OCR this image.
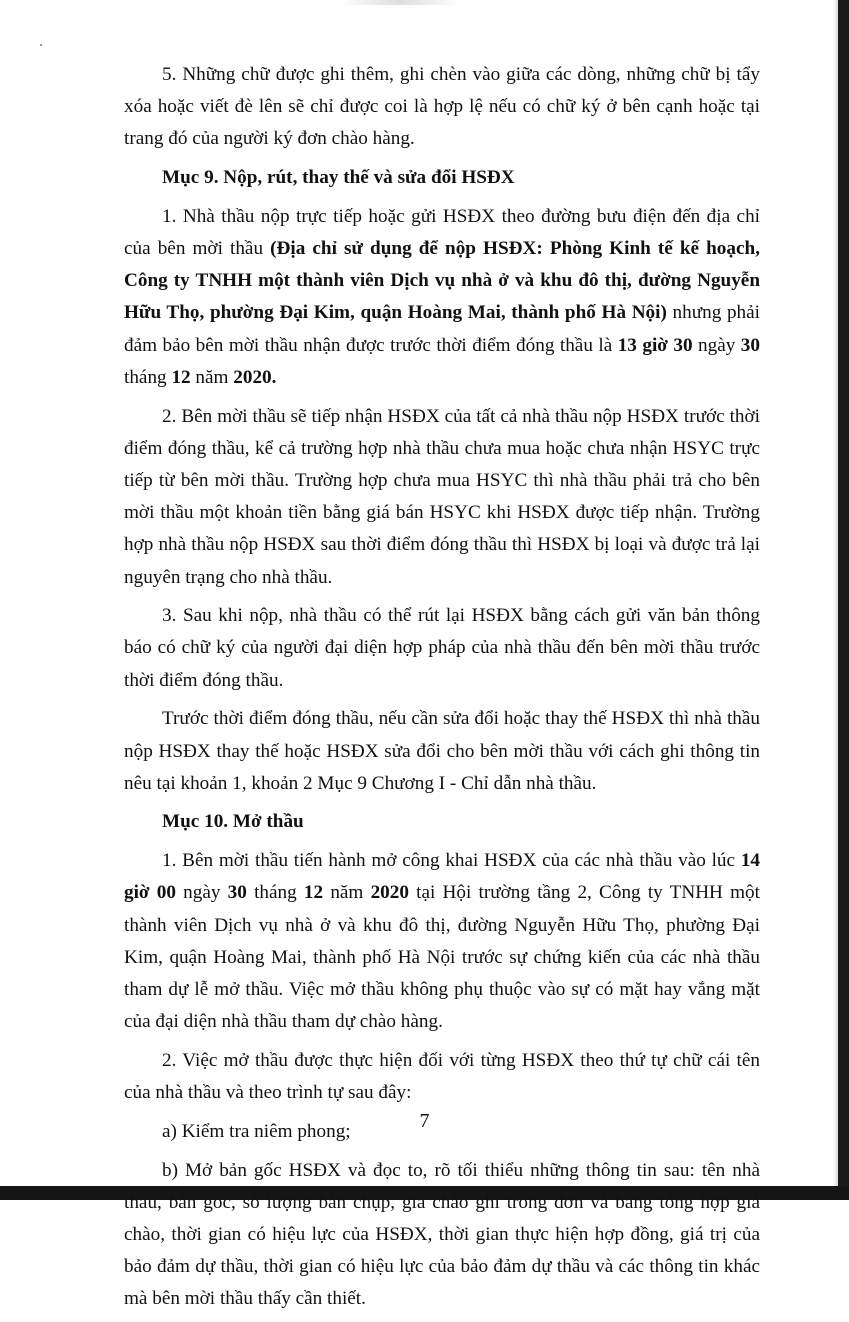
5. Những chữ được ghi thêm, ghi chèn vào giữa các dòng, những chữ bị tẩy xóa hoặc viết đè lên sẽ chỉ được coi là hợp lệ nếu có chữ ký ở bên cạnh hoặc tại trang đó của người ký đơn chào hàng.

Mục 9. Nộp, rút, thay thế và sửa đổi HSĐX

1. Nhà thầu nộp trực tiếp hoặc gửi HSĐX theo đường bưu điện đến địa chỉ của bên mời thầu (Địa chỉ sử dụng để nộp HSĐX: Phòng Kinh tế kế hoạch, Công ty TNHH một thành viên Dịch vụ nhà ở và khu đô thị, đường Nguyễn Hữu Thọ, phường Đại Kim, quận Hoàng Mai, thành phố Hà Nội) nhưng phải đảm bảo bên mời thầu nhận được trước thời điểm đóng thầu là 13 giờ 30 ngày 30 tháng 12 năm 2020.

2. Bên mời thầu sẽ tiếp nhận HSĐX của tất cả nhà thầu nộp HSĐX trước thời điểm đóng thầu, kể cả trường hợp nhà thầu chưa mua hoặc chưa nhận HSYC trực tiếp từ bên mời thầu. Trường hợp chưa mua HSYC thì nhà thầu phải trả cho bên mời thầu một khoản tiền bằng giá bán HSYC khi HSĐX được tiếp nhận. Trường hợp nhà thầu nộp HSĐX sau thời điểm đóng thầu thì HSĐX bị loại và được trả lại nguyên trạng cho nhà thầu.

3. Sau khi nộp, nhà thầu có thể rút lại HSĐX bằng cách gửi văn bản thông báo có chữ ký của người đại diện hợp pháp của nhà thầu đến bên mời thầu trước thời điểm đóng thầu.

Trước thời điểm đóng thầu, nếu cần sửa đổi hoặc thay thế HSĐX thì nhà thầu nộp HSĐX thay thế hoặc HSĐX sửa đổi cho bên mời thầu với cách ghi thông tin nêu tại khoản 1, khoản 2 Mục 9 Chương I - Chỉ dẫn nhà thầu.

Mục 10. Mở thầu

1. Bên mời thầu tiến hành mở công khai HSĐX của các nhà thầu vào lúc 14 giờ 00 ngày 30 tháng 12 năm 2020 tại Hội trường tầng 2, Công ty TNHH một thành viên Dịch vụ nhà ở và khu đô thị, đường Nguyễn Hữu Thọ, phường Đại Kim, quận Hoàng Mai, thành phố Hà Nội trước sự chứng kiến của các nhà thầu tham dự lễ mở thầu. Việc mở thầu không phụ thuộc vào sự có mặt hay vắng mặt của đại diện nhà thầu tham dự chào hàng.

2. Việc mở thầu được thực hiện đối với từng HSĐX theo thứ tự chữ cái tên của nhà thầu và theo trình tự sau đây:

a) Kiểm tra niêm phong;

b) Mở bản gốc HSĐX và đọc to, rõ tối thiểu những thông tin sau: tên nhà thầu, bản gốc, số lượng bản chụp, giá chào ghi trong đơn và bảng tổng hợp giá chào, thời gian có hiệu lực của HSĐX, thời gian thực hiện hợp đồng, giá trị của bảo đảm dự thầu, thời gian có hiệu lực của bảo đảm dự thầu và các thông tin khác mà bên mời thầu thấy cần thiết.

7
